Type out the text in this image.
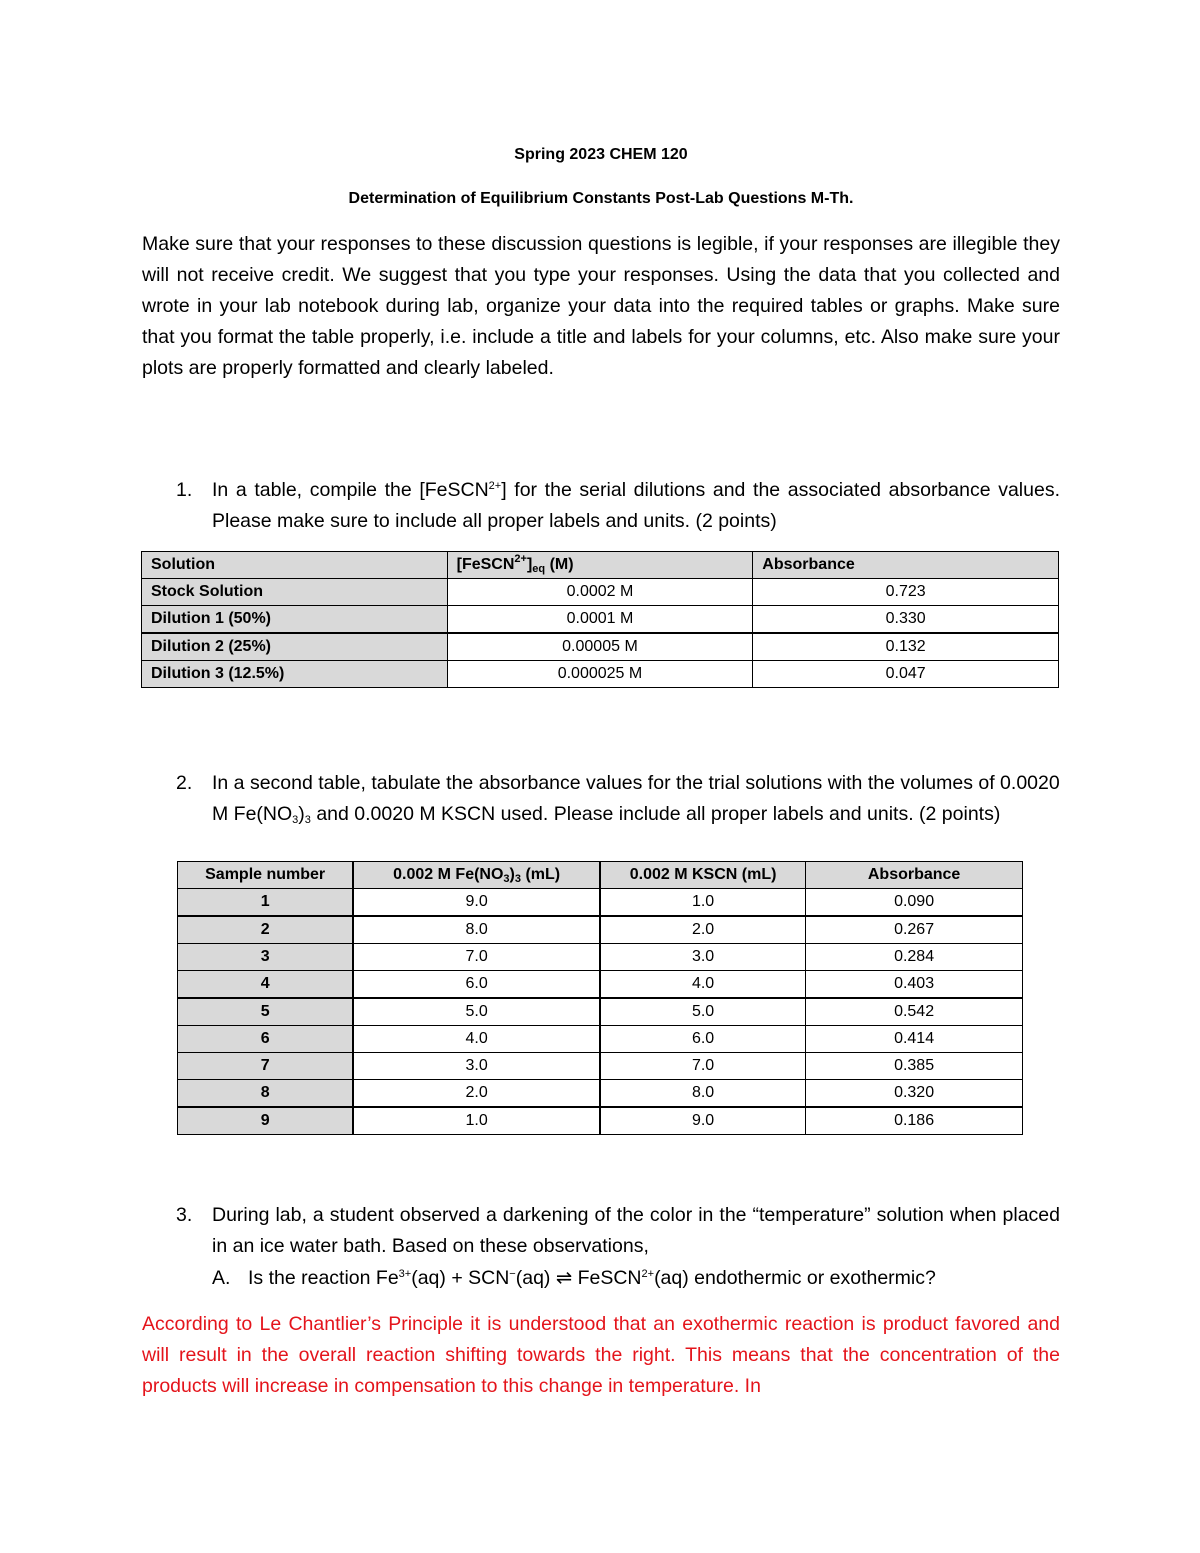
Spring 2023 CHEM 120
Determination of Equilibrium Constants Post-Lab Questions M-Th.

Make sure that your responses to these discussion questions is legible, if your responses are illegible they will not receive credit. We suggest that you type your responses. Using the data that you collected and wrote in your lab notebook during lab, organize your data into the required tables or graphs. Make sure that you format the table properly, i.e. include a title and labels for your columns, etc. Also make sure your plots are properly formatted and clearly labeled.

1. In a table, compile the [FeSCN$^{2+}$] for the serial dilutions and the associated absorbance values. Please make sure to include all proper labels and units. (2 points)
Solution	$[FeSCN^{2+}]_{eq}$ (M)	Absorbance
Stock Solution	0.0002 M	0.723
Dilution 1 (50%)	0.0001 M	0.330
Dilution 2 (25%)	0.00005 M	0.132
Dilution 3 (12.5%)	0.000025 M	0.047
2. In a second table, tabulate the absorbance values for the trial solutions with the volumes of 0.0020 M $Fe(NO_3)_3$ and 0.0020 M KSCN used. Please include all proper labels and units. (2 points)
Sample number	0.002 M $Fe(NO_3)_3$ (mL)	0.002 M KSCN (mL)	Absorbance
1	9.0	1.0	0.090
2	8.0	2.0	0.267
3	7.0	3.0	0.284
4	6.0	4.0	0.403
5	5.0	5.0	0.542
6	4.0	6.0	0.414
7	3.0	7.0	0.385
8	2.0	8.0	0.320
9	1.0	9.0	0.186
3. During lab, a student observed a darkening of the color in the “temperature” solution when placed in an ice water bath. Based on these observations,
A. Is the reaction $Fe^{3+}(aq) + SCN^-(aq)$ ⇌ FeSCN$^{2+}$(aq) endothermic or exothermic?

According to Le Chantlier’s Principle it is understood that an exothermic reaction is product favored and will result in the overall reaction shifting towards the right. This means that the concentration of the products will increase in compensation to this change in temperature. In
